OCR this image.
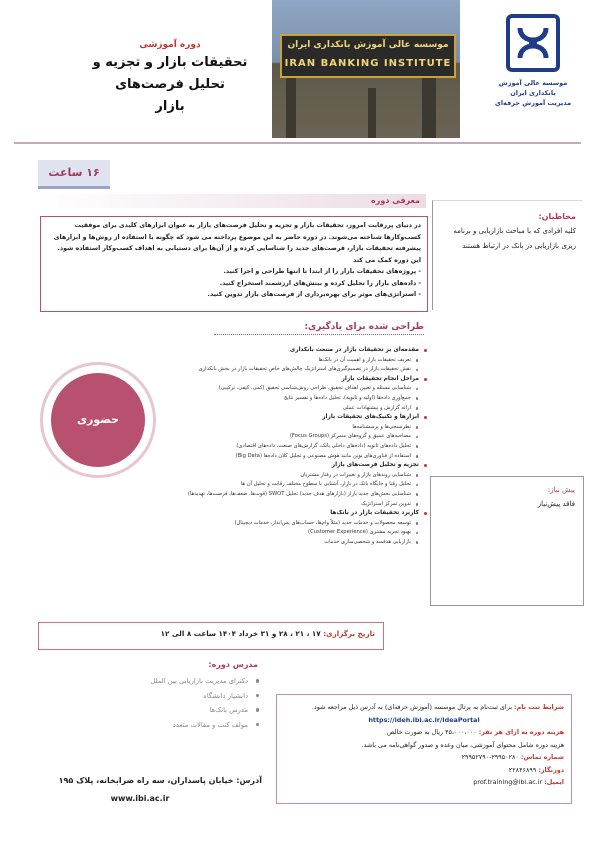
موسسه عالی آموزش بانکداری ایران
مدیریت آموزش حرفه‌ای
موسسه عالی آموزش بانکداری ایران
IRAN BANKING INSTITUTE
دوره آموزشی
تحقیقات بازار و تجزیه و تحلیل فرصت‌های
بازار
۱۶ ساعت
معرفی دوره

در دنیای پررقابت امروز، تحقیقات بازار و تجزیه و تحلیل فرصت‌های بازار به عنوان ابزارهای کلیدی برای موفقیت کسب‌وکارها شناخته می‌شوند. در دوره حاضر به این موضوع پرداخته می شود که چگونه با استفاده از روش‌ها و ابزارهای پیشرفته تحقیقات بازار، فرصت‌های جدید را شناسایی کرده و از آن‌ها برای دستیابی به اهداف کسب‌وکار استفاده شود. این دوره کمک می کند

- پروژه‌های تحقیقات بازار را از ابتدا تا انتها طراحی و اجرا کنید.

- داده‌های بازار را تحلیل کرده و بینش‌های ارزشمند استخراج کنید.

- استراتژی‌های موثر برای بهره‌برداری از فرصت‌های بازار تدوین کنید.

مخاطبان:
کلیه افرادی که با مباحث بازاریابی و برنامه ریزی بازاریابی در بانک در ارتباط هستند
طراحی شده برای یادگیری:
مقدمه‌ای بر تحقیقات بازار در صنعت بانکداری
تعریف تحقیقات بازار و اهمیت آن در بانک‌ها
نقش تحقیقات بازار در تصمیم‌گیری‌های استراتژیک چالش‌های خاص تحقیقات بازار در بخش بانکداری
مراحل انجام تحقیقات بازار
شناسایی مسئله و تعیین اهداف تحقیق، طراحی روش‌شناسی تحقیق (کمی، کیفی، ترکیبی)
جمع‌آوری داده‌ها (اولیه و ثانویه)، تحلیل داده‌ها و تفسیر نتایج
ارائه گزارش و پیشنهادات عملی
ابزارها و تکنیک‌های تحقیقات بازار
نظرسنجی‌ها و پرسشنامه‌ها
مصاحبه‌های عمیق و گروه‌های متمرکز (Focus Groups)
تحلیل داده‌های ثانویه (داده‌های داخلی بانک، گزارش‌های صنعت، داده‌های اقتصادی)
استفاده از فناوری‌های نوین مانند هوش مصنوعی و تحلیل کلان داده‌ها (Big Data)
تجزیه و تحلیل فرصت‌های بازار
شناسایی روندهای بازار و تغییرات در رفتار مشتریان
تحلیل رقبا و جایگاه بانک در بازار، آشنایی با سطوح مختلف رقابت و تحلیل آن ها
شناسایی بخش‌های جدید بازار (بازارهای هدف جدید) تحلیل SWOT (قوت‌ها، ضعف‌ها، فرصت‌ها، تهدیدها)
تدوین تمرکز استراتژیک
کاربرد تحقیقات بازار در بانک‌ها
توسعه محصولات و خدمات جدید (مثلاً وام‌ها، حساب‌های پس‌انداز، خدمات دیجیتال)
بهبود تجربه مشتری (Customer Experience)
بازاریابی هدفمند و شخصی‌سازی خدمات
حضوری
پیش نیاز:
فاقد پیش‌نیاز
تاریخ برگزاری: ۱۷ ، ۲۱ ، ۲۸ و ۳۱ خرداد ۱۴۰۴ ساعت ۸ الی ۱۲
مدرس دوره:
دکترای مدیریت بازاریابی بین الملل
دانشیار دانشگاه
مدرس بانک‌ها
مولف کتب و مقالات متعدد
آدرس: خیابان پاسداران، سه راه ضرابخانه، پلاک ۱۹۵
www.ibi.ac.ir
شرایط ثبت نام: برای ثبت‌نام به پرتال موسسه (آموزش حرفه‌ای) به آدرس ذیل مراجعه شود.
https://ideh.ibi.ac.ir/IdeaPortal
هزینه دوره به ازای هر نفر: ۴۵،۰۰۰،۰۰۰ ریال به صورت خالص
هزینه دوره شامل محتوای آموزشی، میان وعده و صدور گواهی‌نامه می باشد.
شماره تماس: ۲۹۹۵۰۲۸۰-۲۹۹۵۲۷۹۰
دورنگار: ۲۲۸۴۶۸۹۹
ایمیل: prof.training@ibi.ac.ir
